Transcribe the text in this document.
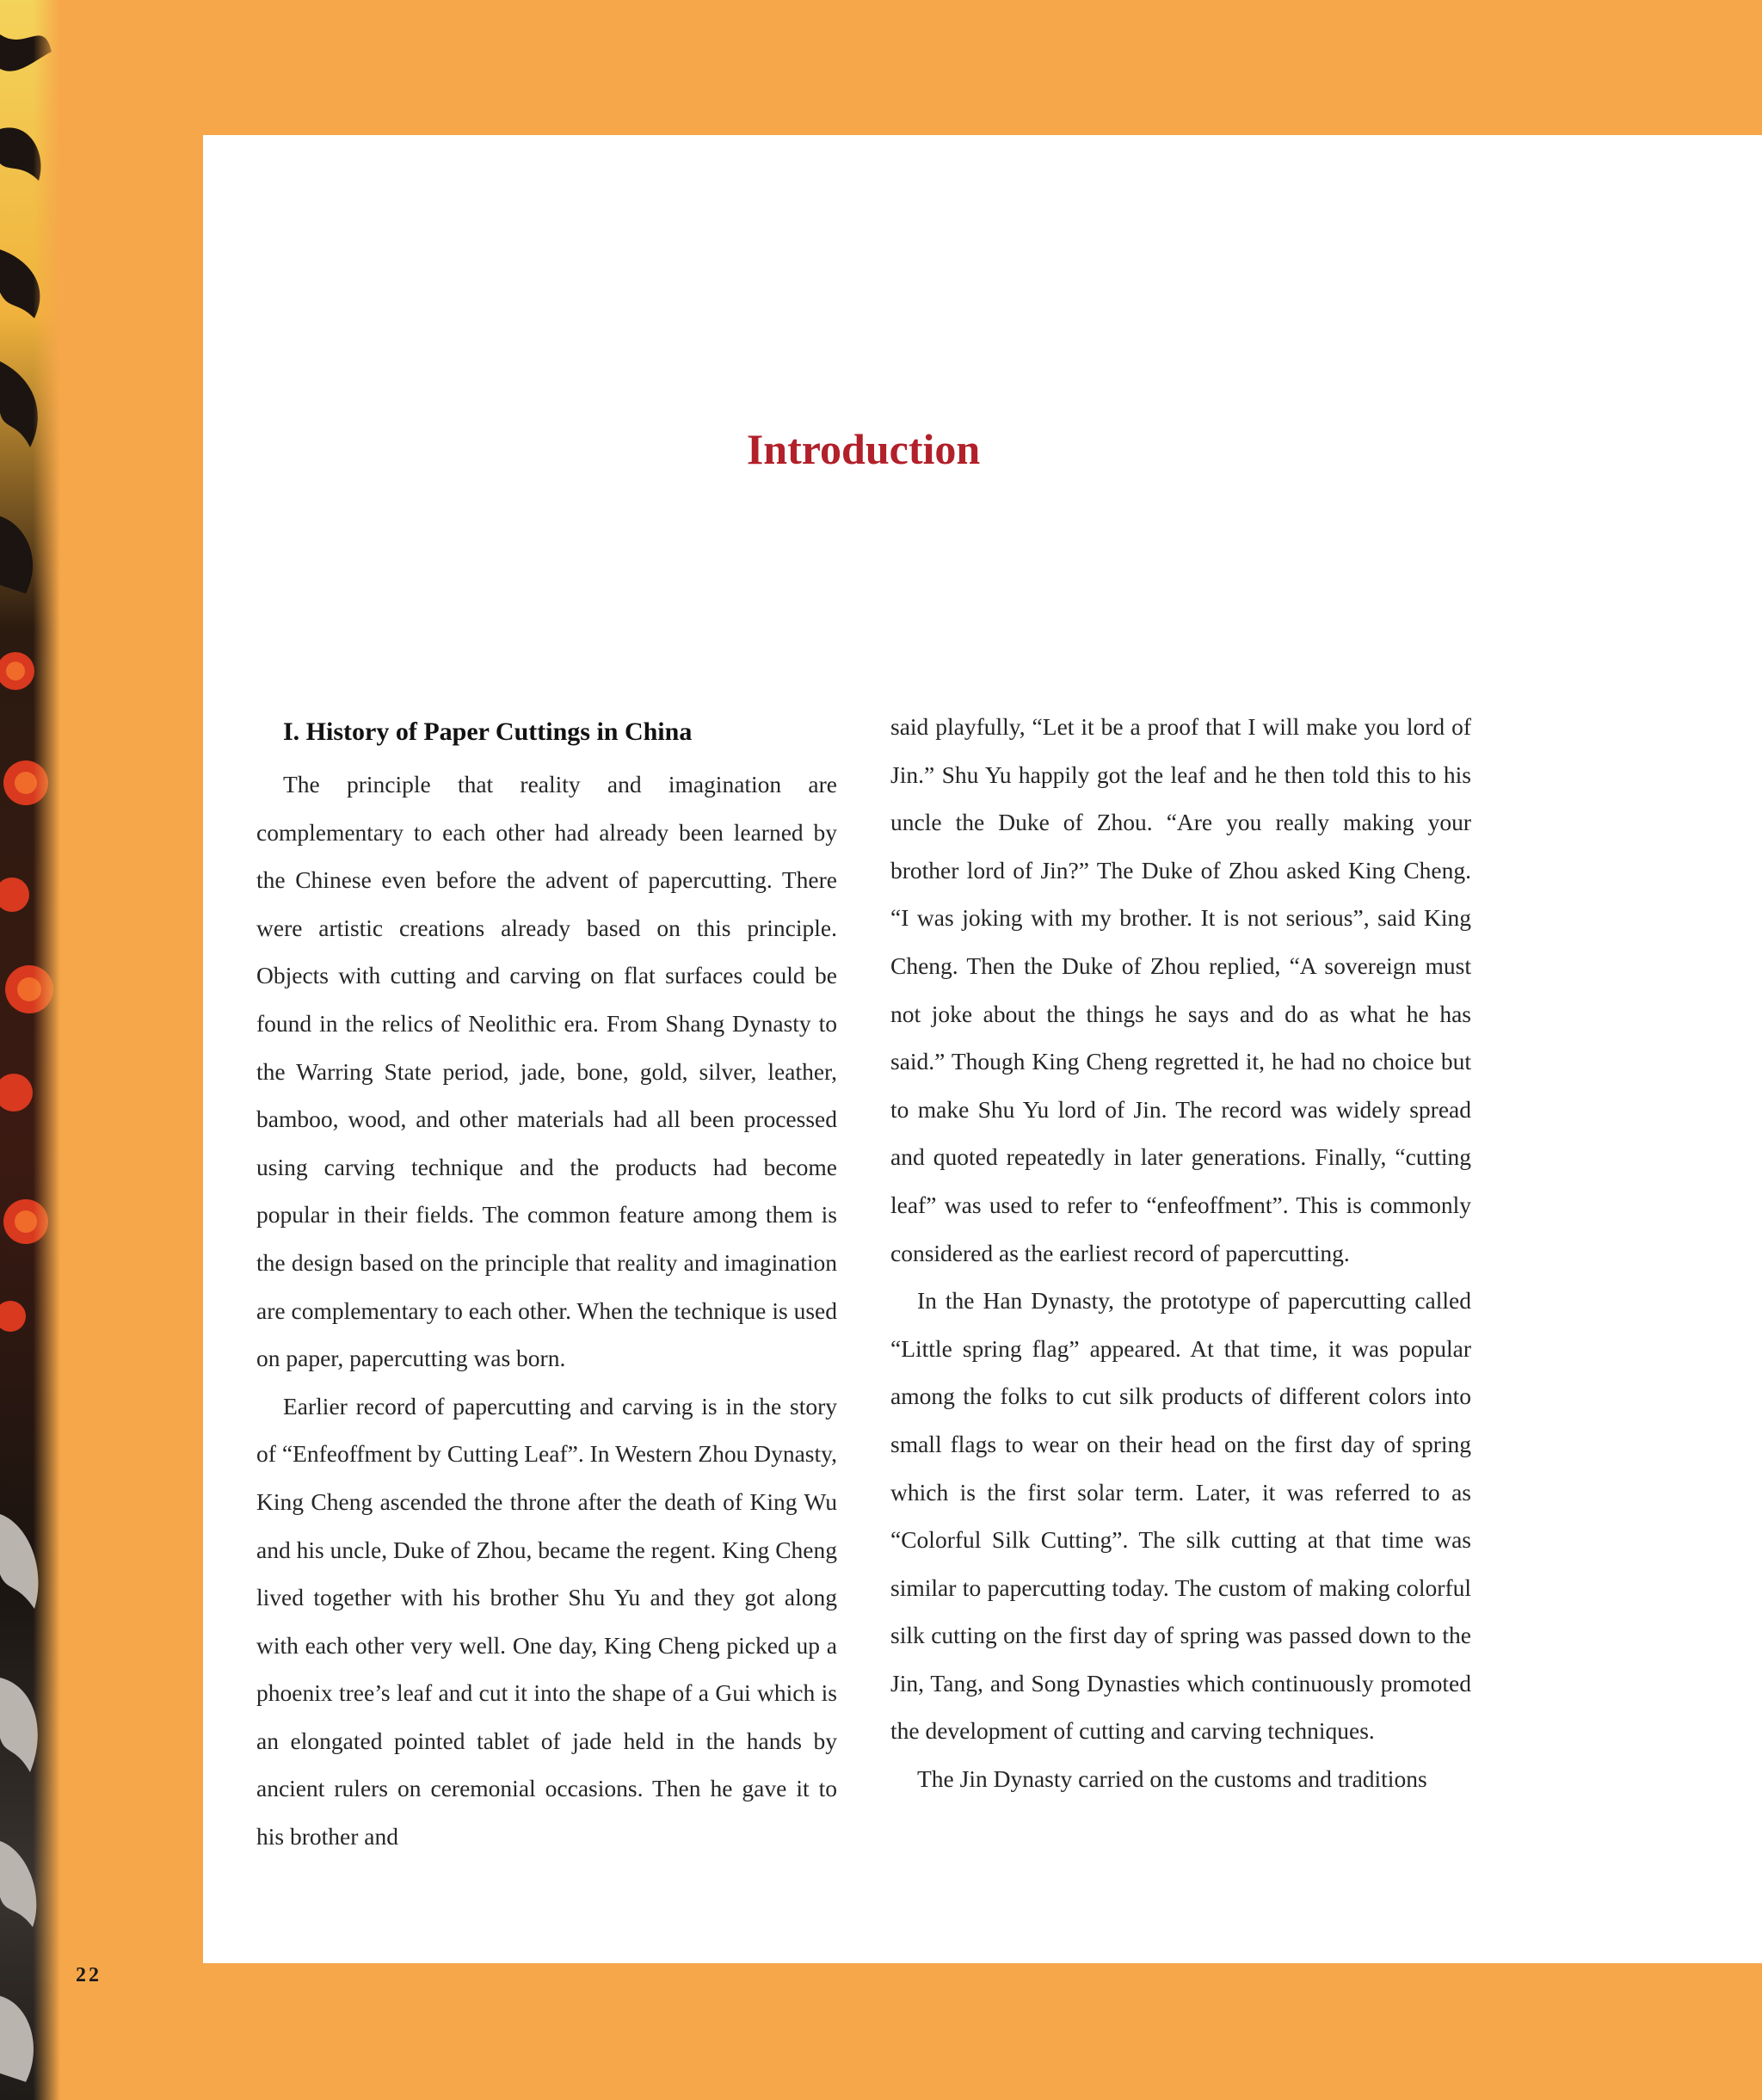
Introduction
I. History of Paper Cuttings in China

The principle that reality and imagination are complementary to each other had already been learned by the Chinese even before the advent of papercutting. There were artistic creations already based on this principle. Objects with cutting and carving on flat surfaces could be found in the relics of Neolithic era. From Shang Dynasty to the Warring State period, jade, bone, gold, silver, leather, bamboo, wood, and other materials had all been processed using carving technique and the products had become popular in their fields. The common feature among them is the design based on the principle that reality and imagination are complementary to each other. When the technique is used on paper, papercutting was born.

Earlier record of papercutting and carving is in the story of “Enfeoffment by Cutting Leaf”. In Western Zhou Dynasty, King Cheng ascended the throne after the death of King Wu and his uncle, Duke of Zhou, became the regent. King Cheng lived together with his brother Shu Yu and they got along with each other very well. One day, King Cheng picked up a phoenix tree’s leaf and cut it into the shape of a Gui which is an elongated pointed tablet of jade held in the hands by ancient rulers on ceremonial occasions. Then he gave it to his brother and

said playfully, “Let it be a proof that I will make you lord of Jin.” Shu Yu happily got the leaf and he then told this to his uncle the Duke of Zhou. “Are you really making your brother lord of Jin?” The Duke of Zhou asked King Cheng. “I was joking with my brother. It is not serious”, said King Cheng. Then the Duke of Zhou replied, “A sovereign must not joke about the things he says and do as what he has said.” Though King Cheng regretted it, he had no choice but to make Shu Yu lord of Jin. The record was widely spread and quoted repeatedly in later generations. Finally, “cutting leaf” was used to refer to “enfeoffment”. This is commonly considered as the earliest record of papercutting.

In the Han Dynasty, the prototype of papercutting called “Little spring flag” appeared. At that time, it was popular among the folks to cut silk products of different colors into small flags to wear on their head on the first day of spring which is the first solar term. Later, it was referred to as “Colorful Silk Cutting”. The silk cutting at that time was similar to papercutting today. The custom of making colorful silk cutting on the first day of spring was passed down to the Jin, Tang, and Song Dynasties which continuously promoted the development of cutting and carving techniques.

The Jin Dynasty carried on the customs and traditions

22
